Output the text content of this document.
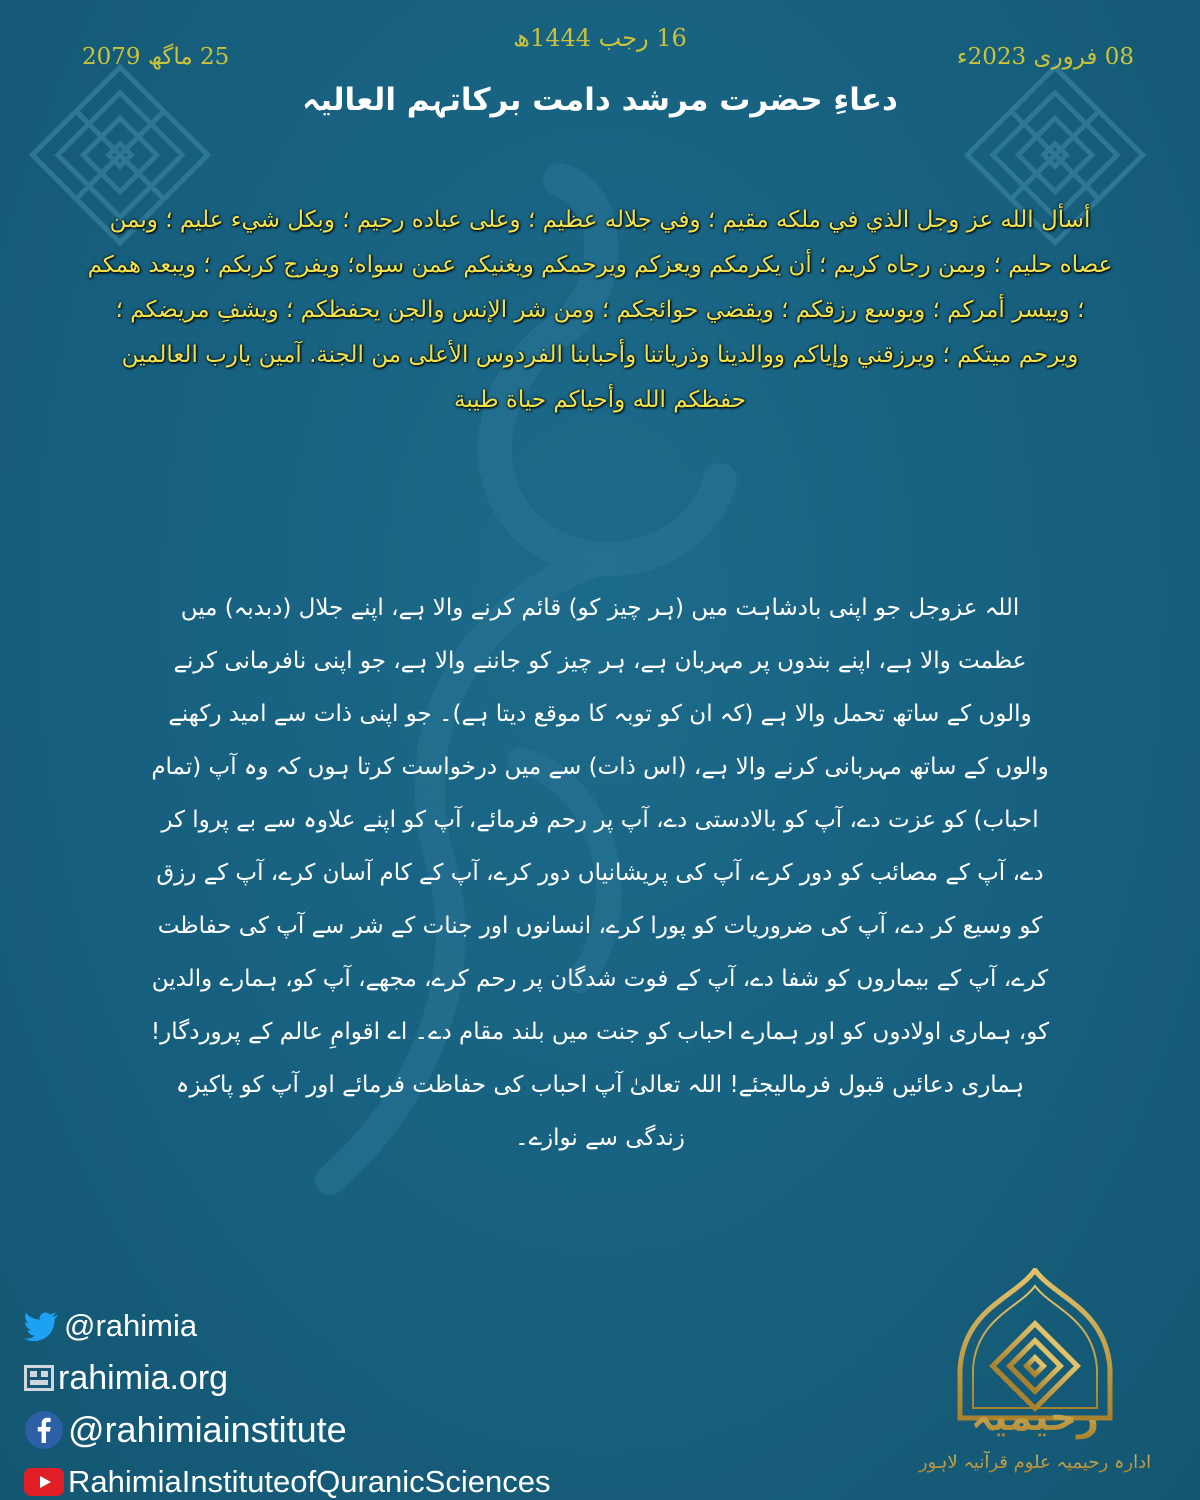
16 رجب 1444ھ
08 فروری 2023ء
25 ماگھ 2079
دعاءِ حضرت مرشد دامت برکاتہم العالیہ
أسأل الله عز وجل الذي في ملكه مقيم ؛ وفي جلاله عظيم ؛ وعلى عباده رحيم ؛ وبكل شيء عليم ؛ وبمن عصاه حليم ؛ وبمن رجاه كريم ؛ أن يكرمكم ويعزكم ويرحمكم ويغنيكم عمن سواه؛ ويفرج كربكم ؛ ويبعد همكم ؛ وييسر أمركم ؛ ويوسع رزقكم ؛ ويقضي حوائجكم ؛ ومن شر الإنس والجن يحفظكم ؛ ويشفِ مريضكم ؛ ويرحم ميتكم ؛ ويرزقني وإياكم ووالدينا وذرياتنا وأحبابنا الفردوس الأعلى من الجنة. آمين يارب العالمين حفظكم الله وأحياكم حياة طيبة
اللہ عزوجل جو اپنی بادشاہت میں (ہر چیز کو) قائم کرنے والا ہے، اپنے جلال (دبدبہ) میں عظمت والا ہے، اپنے بندوں پر مہربان ہے، ہر چیز کو جاننے والا ہے، جو اپنی نافرمانی کرنے والوں کے ساتھ تحمل والا ہے (کہ ان کو توبہ کا موقع دیتا ہے)۔ جو اپنی ذات سے امید رکھنے والوں کے ساتھ مہربانی کرنے والا ہے، (اس ذات) سے میں درخواست کرتا ہوں کہ وہ آپ (تمام احباب) کو عزت دے، آپ کو بالادستی دے، آپ پر رحم فرمائے، آپ کو اپنے علاوہ سے بے پروا کر دے، آپ کے مصائب کو دور کرے، آپ کی پریشانیاں دور کرے، آپ کے کام آسان کرے، آپ کے رزق کو وسیع کر دے، آپ کی ضروریات کو پورا کرے، انسانوں اور جنات کے شر سے آپ کی حفاظت کرے، آپ کے بیماروں کو شفا دے، آپ کے فوت شدگان پر رحم کرے، مجھے، آپ کو، ہمارے والدین کو، ہماری اولادوں کو اور ہمارے احباب کو جنت میں بلند مقام دے۔ اے اقوامِ عالم کے پروردگار! ہماری دعائیں قبول فرمالیجئے! اللہ تعالیٰ آپ احباب کی حفاظت فرمائے اور آپ کو پاکیزہ زندگی سے نوازے۔
@rahimia
rahimia.org
@rahimiainstitute
RahimiaInstituteofQuranicSciences
رحیمیہ
ادارہ رحیمیہ علوم قرآنیہ لاہور
